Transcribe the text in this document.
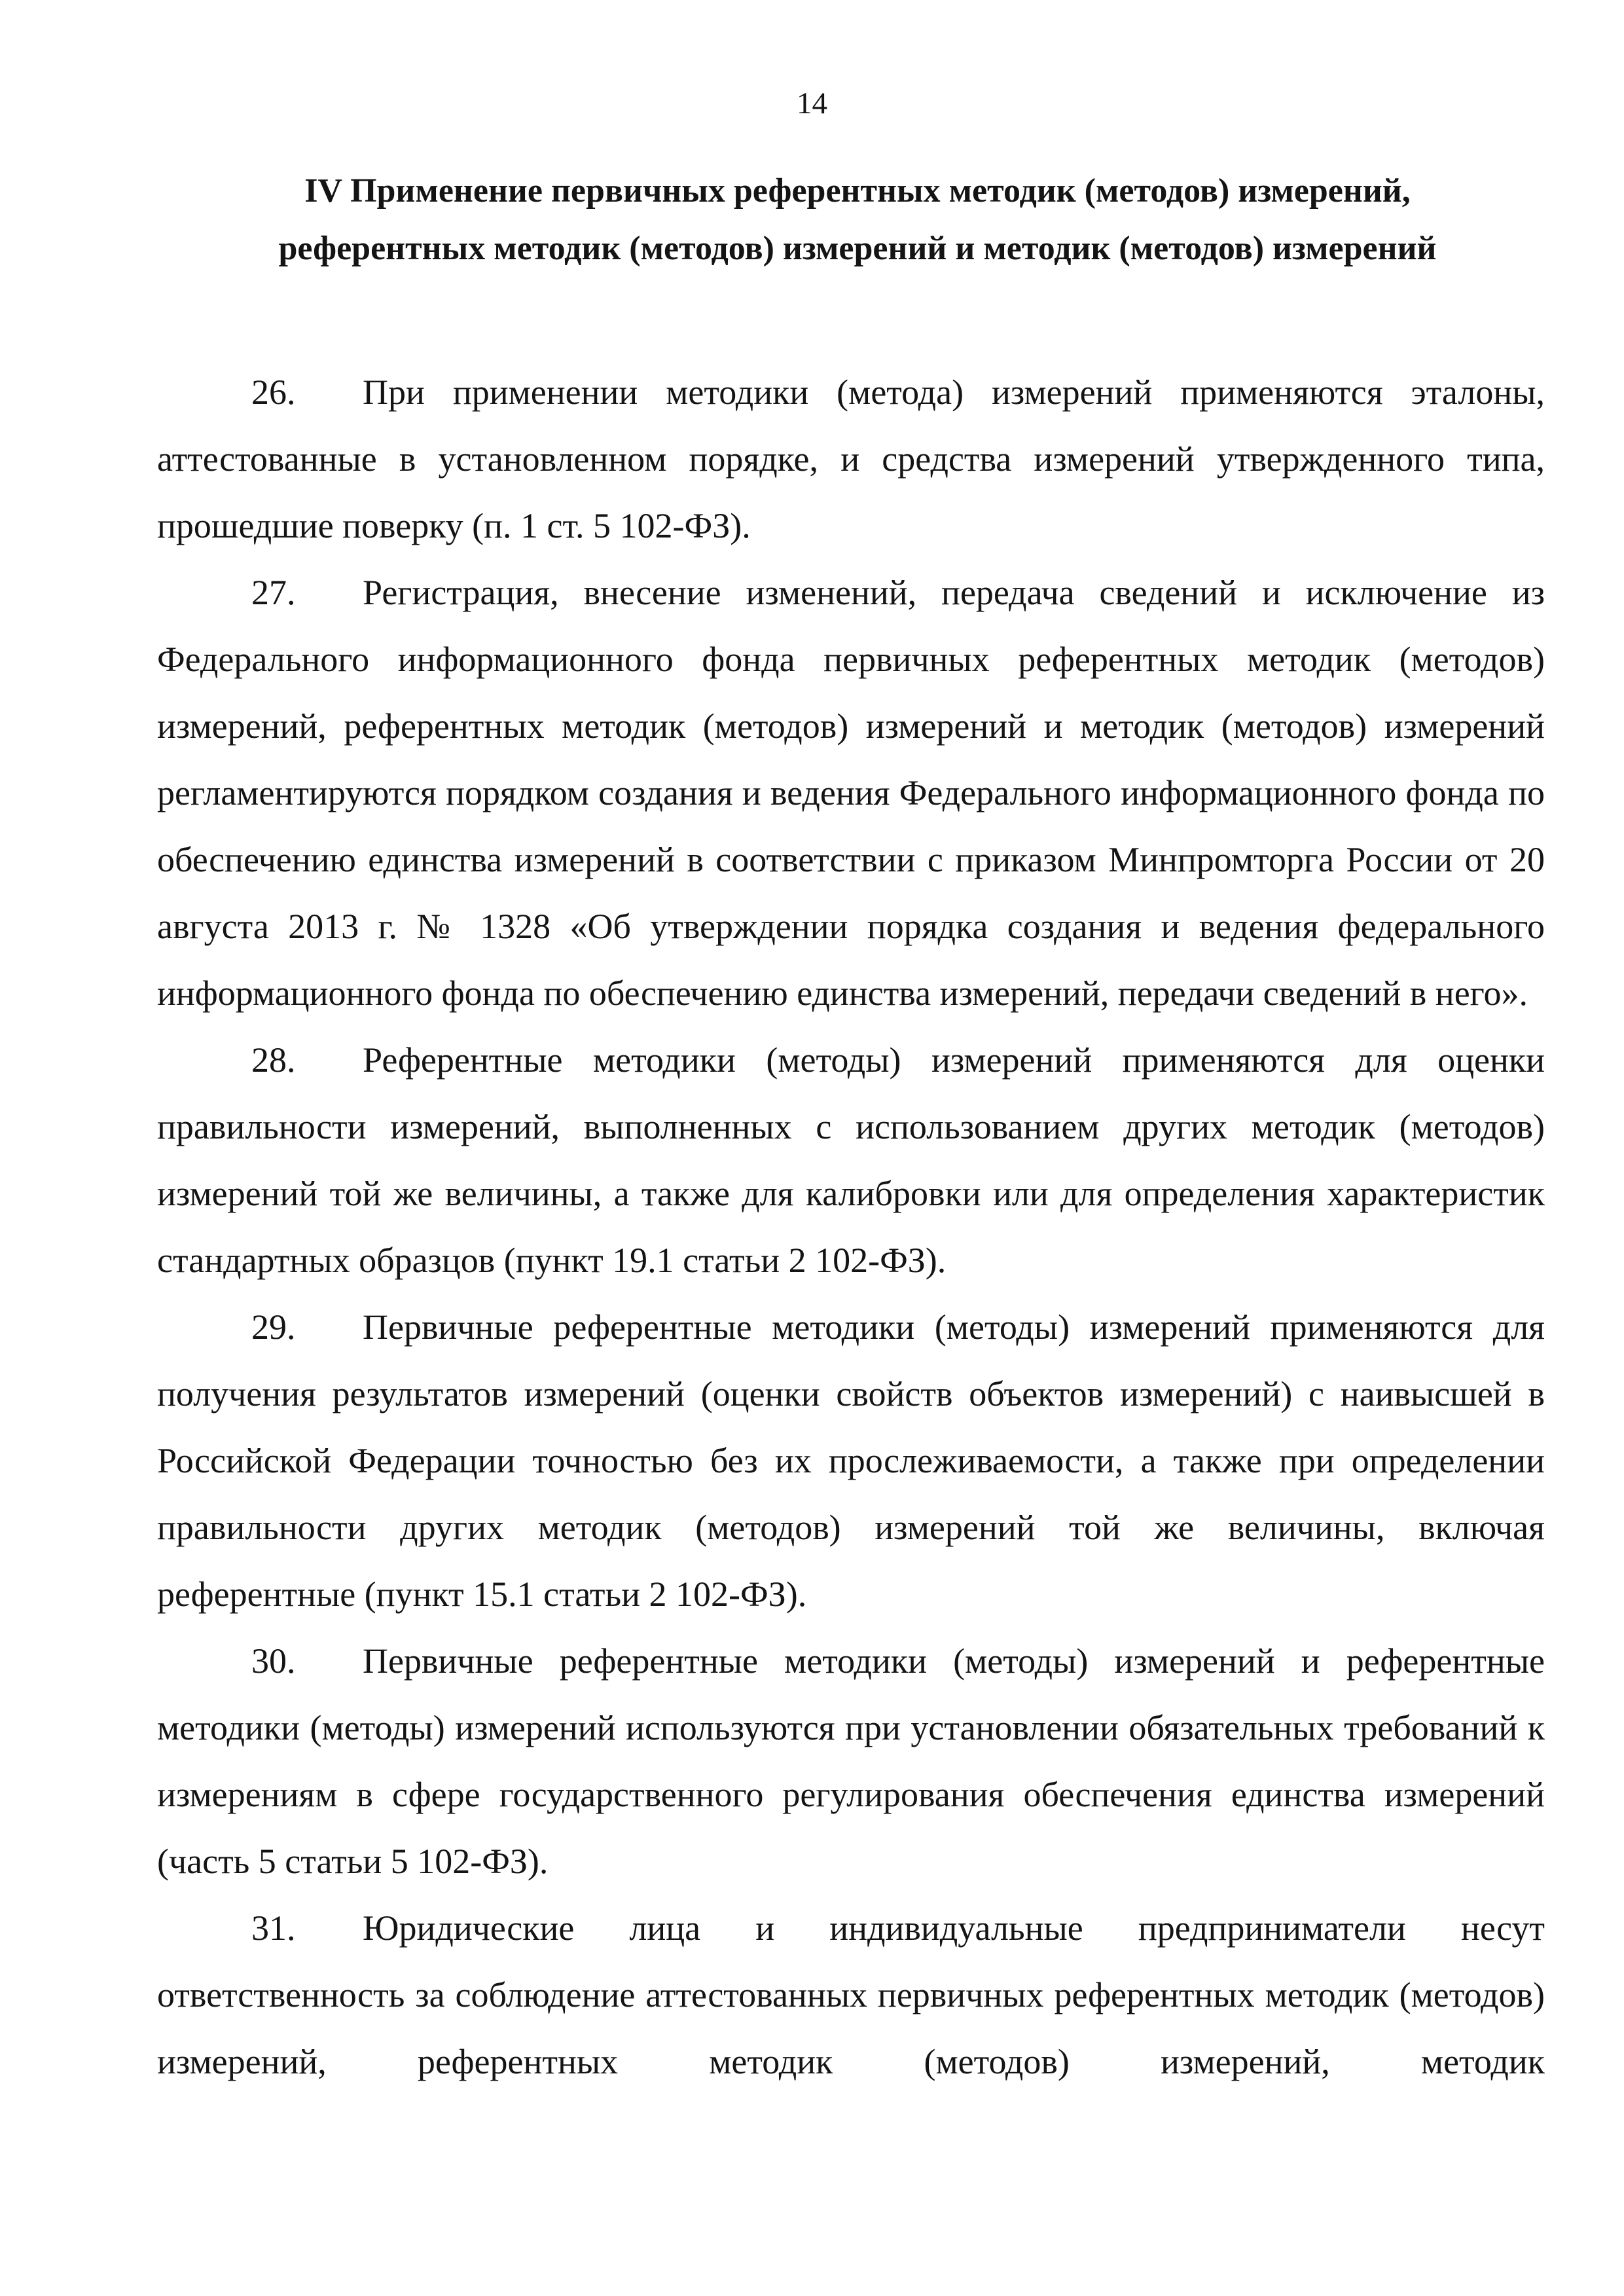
14
IV Применение первичных референтных методик (методов) измерений,
референтных методик (методов) измерений и методик (методов) измерений

26. При применении методики (метода) измерений применяются эталоны, аттестованные в установленном порядке, и средства измерений утвержденного типа, прошедшие поверку (п. 1 ст. 5 102-ФЗ).

27. Регистрация, внесение изменений, передача сведений и исключение из Федерального информационного фонда первичных референтных методик (методов) измерений, референтных методик (методов) измерений и методик (методов) измерений регламентируются порядком создания и ведения Федерального информационного фонда по обеспечению единства измерений в соответствии с приказом Минпромторга России от 20 августа 2013 г. № 1328 «Об утверждении порядка создания и ведения федерального информационного фонда по обеспечению единства измерений, передачи сведений в него».

28. Референтные методики (методы) измерений применяются для оценки правильности измерений, выполненных с использованием других методик (методов) измерений той же величины, а также для калибровки или для определения характеристик стандартных образцов (пункт 19.1 статьи 2 102-ФЗ).

29. Первичные референтные методики (методы) измерений применяются для получения результатов измерений (оценки свойств объектов измерений) с наивысшей в Российской Федерации точностью без их прослеживаемости, а также при определении правильности других методик (методов) измерений той же величины, включая референтные (пункт 15.1 статьи 2 102-ФЗ).

30. Первичные референтные методики (методы) измерений и референтные методики (методы) измерений используются при установлении обязательных требований к измерениям в сфере государственного регулирования обеспечения единства измерений (часть 5 статьи 5 102-ФЗ).

31. Юридические лица и индивидуальные предприниматели несут ответственность за соблюдение аттестованных первичных референтных методик (методов) измерений, референтных методик (методов) измерений, методик
